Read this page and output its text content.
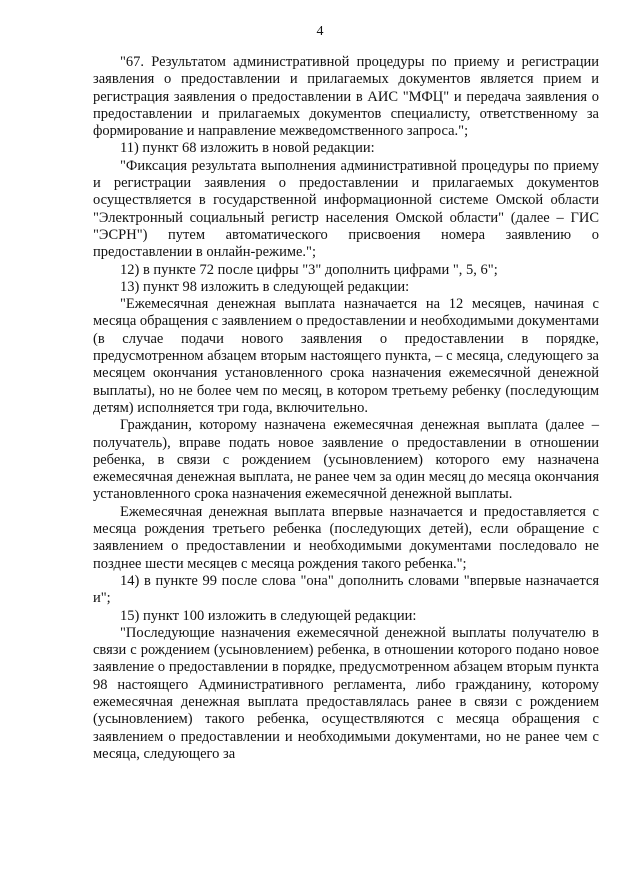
4

"67. Результатом административной процедуры по приему и регистрации заявления о предоставлении и прилагаемых документов является прием и регистрация заявления о предоставлении в АИС "МФЦ" и передача заявления о предоставлении и прилагаемых документов специалисту, ответственному за формирование и направление межведомственного запроса.";

11) пункт 68 изложить в новой редакции:

"Фиксация результата выполнения административной процедуры по приему и регистрации заявления о предоставлении и прилагаемых документов осуществляется в государственной информационной системе Омской области "Электронный социальный регистр населения Омской области" (далее – ГИС "ЭСРН") путем автоматического присвоения номера заявлению о предоставлении в онлайн-режиме.";

12) в пункте 72 после цифры "3" дополнить цифрами ", 5, 6";

13) пункт 98 изложить в следующей редакции:

"Ежемесячная денежная выплата назначается на 12 месяцев, начиная с месяца обращения с заявлением о предоставлении и необходимыми документами (в случае подачи нового заявления о предоставлении в порядке, предусмотренном абзацем вторым настоящего пункта, – с месяца, следующего за месяцем окончания установленного срока назначения ежемесячной денежной выплаты), но не более чем по месяц, в котором третьему ребенку (последующим детям) исполняется три года, включительно.

Гражданин, которому назначена ежемесячная денежная выплата (далее – получатель), вправе подать новое заявление о предоставлении в отношении ребенка, в связи с рождением (усыновлением) которого ему назначена ежемесячная денежная выплата, не ранее чем за один месяц до месяца окончания установленного срока назначения ежемесячной денежной выплаты.

Ежемесячная денежная выплата впервые назначается и предоставляется с месяца рождения третьего ребенка (последующих детей), если обращение с заявлением о предоставлении и необходимыми документами последовало не позднее шести месяцев с месяца рождения такого ребенка.";

14) в пункте 99 после слова "она" дополнить словами "впервые назначается и";

15) пункт 100 изложить в следующей редакции:

"Последующие назначения ежемесячной денежной выплаты получателю в связи с рождением (усыновлением) ребенка, в отношении которого подано новое заявление о предоставлении в порядке, предусмотренном абзацем вторым пункта 98 настоящего Административного регламента, либо гражданину, которому ежемесячная денежная выплата предоставлялась ранее в связи с рождением (усыновлением) такого ребенка, осуществляются с месяца обращения с заявлением о предоставлении и необходимыми документами, но не ранее чем с месяца, следующего за
